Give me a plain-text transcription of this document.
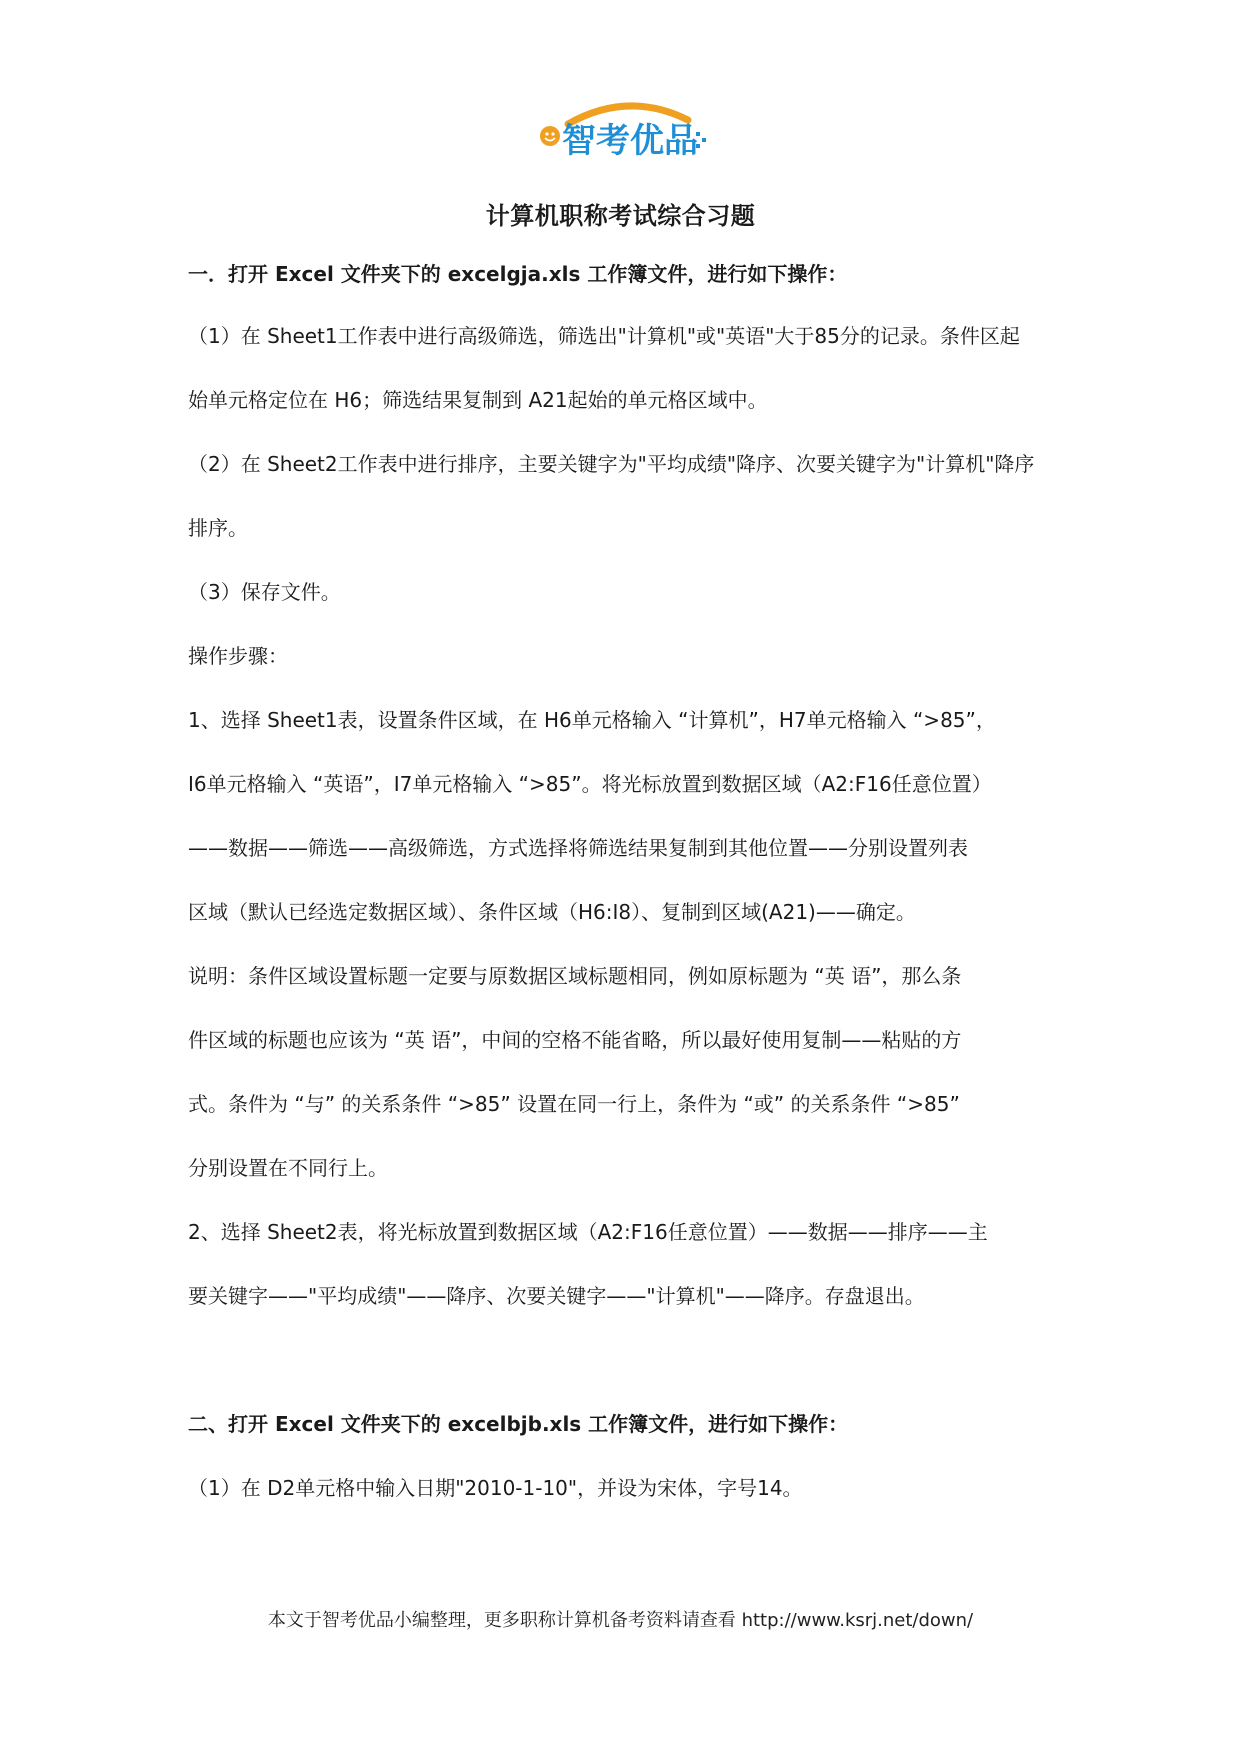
智考优品
计算机职称考试综合习题
一．打开 Excel 文件夹下的 excelgja.xls 工作簿文件，进行如下操作：
（1）在 Sheet1工作表中进行高级筛选，筛选出"计算机"或"英语"大于85分的记录。条件区起
始单元格定位在 H6；筛选结果复制到 A21起始的单元格区域中。
（2）在 Sheet2工作表中进行排序，主要关键字为"平均成绩"降序、次要关键字为"计算机"降序
排序。
（3）保存文件。
操作步骤：
1、选择 Sheet1表，设置条件区域，在 H6单元格输入 “计算机”，H7单元格输入 “>85”，
I6单元格输入 “英语”，I7单元格输入 “>85”。将光标放置到数据区域（A2:F16任意位置）
——数据——筛选——高级筛选，方式选择将筛选结果复制到其他位置——分别设置列表
区域（默认已经选定数据区域）、条件区域（H6:I8）、复制到区域(A21)——确定。
说明：条件区域设置标题一定要与原数据区域标题相同，例如原标题为 “英 语”，那么条
件区域的标题也应该为 “英 语”，中间的空格不能省略，所以最好使用复制——粘贴的方
式。条件为 “与” 的关系条件 “>85” 设置在同一行上，条件为 “或” 的关系条件 “>85”
分别设置在不同行上。
2、选择 Sheet2表，将光标放置到数据区域（A2:F16任意位置）——数据——排序——主
要关键字——"平均成绩"——降序、次要关键字——"计算机"——降序。存盘退出。
二、打开 Excel 文件夹下的 excelbjb.xls 工作簿文件，进行如下操作：
（1）在 D2单元格中输入日期"2010-1-10"，并设为宋体，字号14。
本文于智考优品小编整理，更多职称计算机备考资料请查看 http://www.ksrj.net/down/
